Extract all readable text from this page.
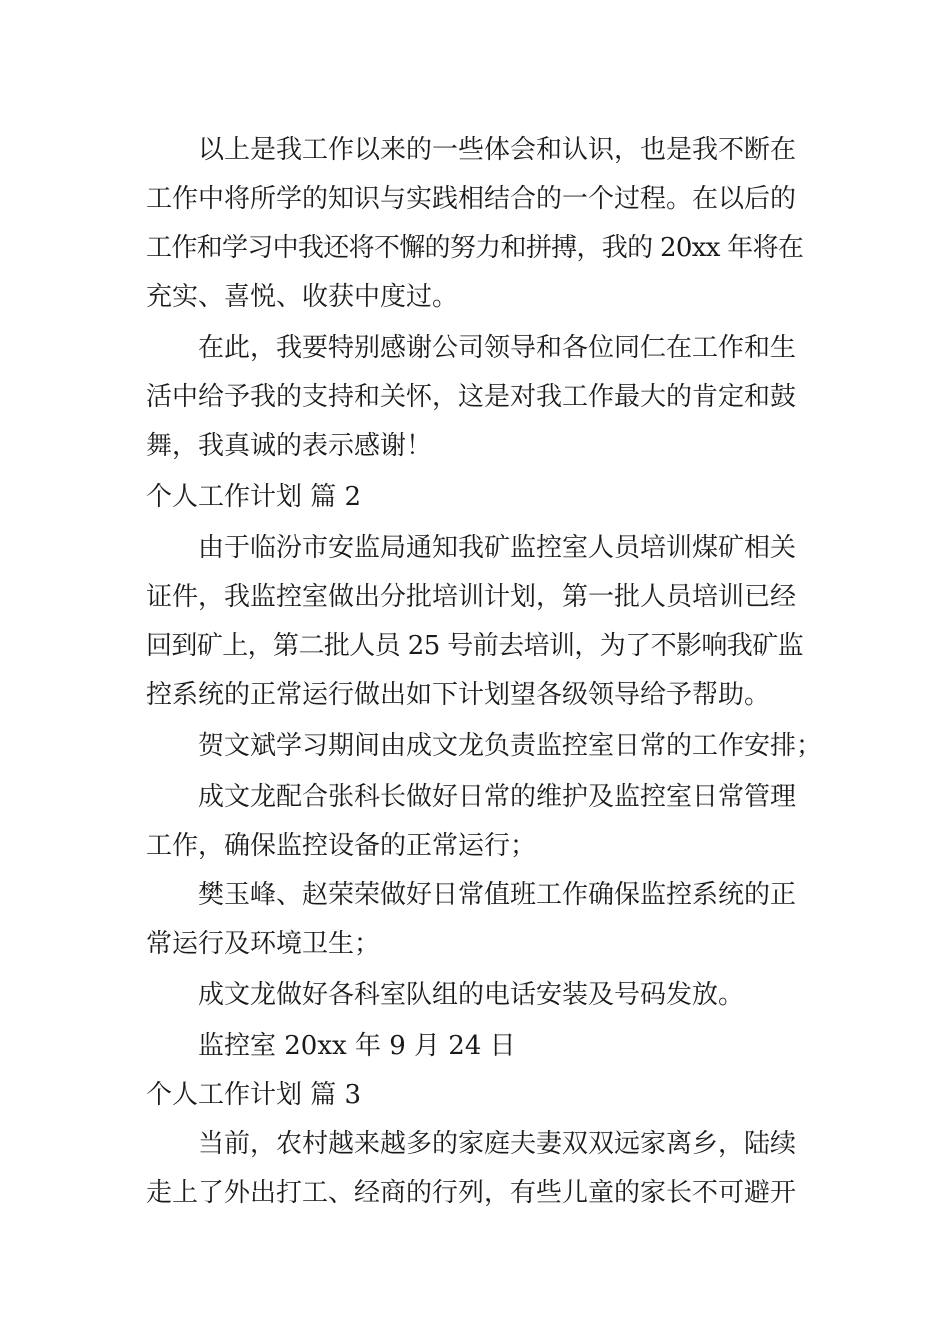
以上是我工作以来的一些体会和认识，也是我不断在
工作中将所学的知识与实践相结合的一个过程。在以后的
工作和学习中我还将不懈的努力和拼搏，我的 20xx 年将在
充实、喜悦、收获中度过。
在此，我要特别感谢公司领导和各位同仁在工作和生
活中给予我的支持和关怀，这是对我工作最大的肯定和鼓
舞，我真诚的表示感谢！
个人工作计划 篇 2
由于临汾市安监局通知我矿监控室人员培训煤矿相关
证件，我监控室做出分批培训计划，第一批人员培训已经
回到矿上，第二批人员 25 号前去培训，为了不影响我矿监
控系统的正常运行做出如下计划望各级领导给予帮助。
贺文斌学习期间由成文龙负责监控室日常的工作安排；
成文龙配合张科长做好日常的维护及监控室日常管理
工作，确保监控设备的正常运行；
樊玉峰、赵荣荣做好日常值班工作确保监控系统的正
常运行及环境卫生；
成文龙做好各科室队组的电话安装及号码发放。
监控室 20xx 年 9 月 24 日
个人工作计划 篇 3
当前，农村越来越多的家庭夫妻双双远家离乡，陆续
走上了外出打工、经商的行列，有些儿童的家长不可避开
